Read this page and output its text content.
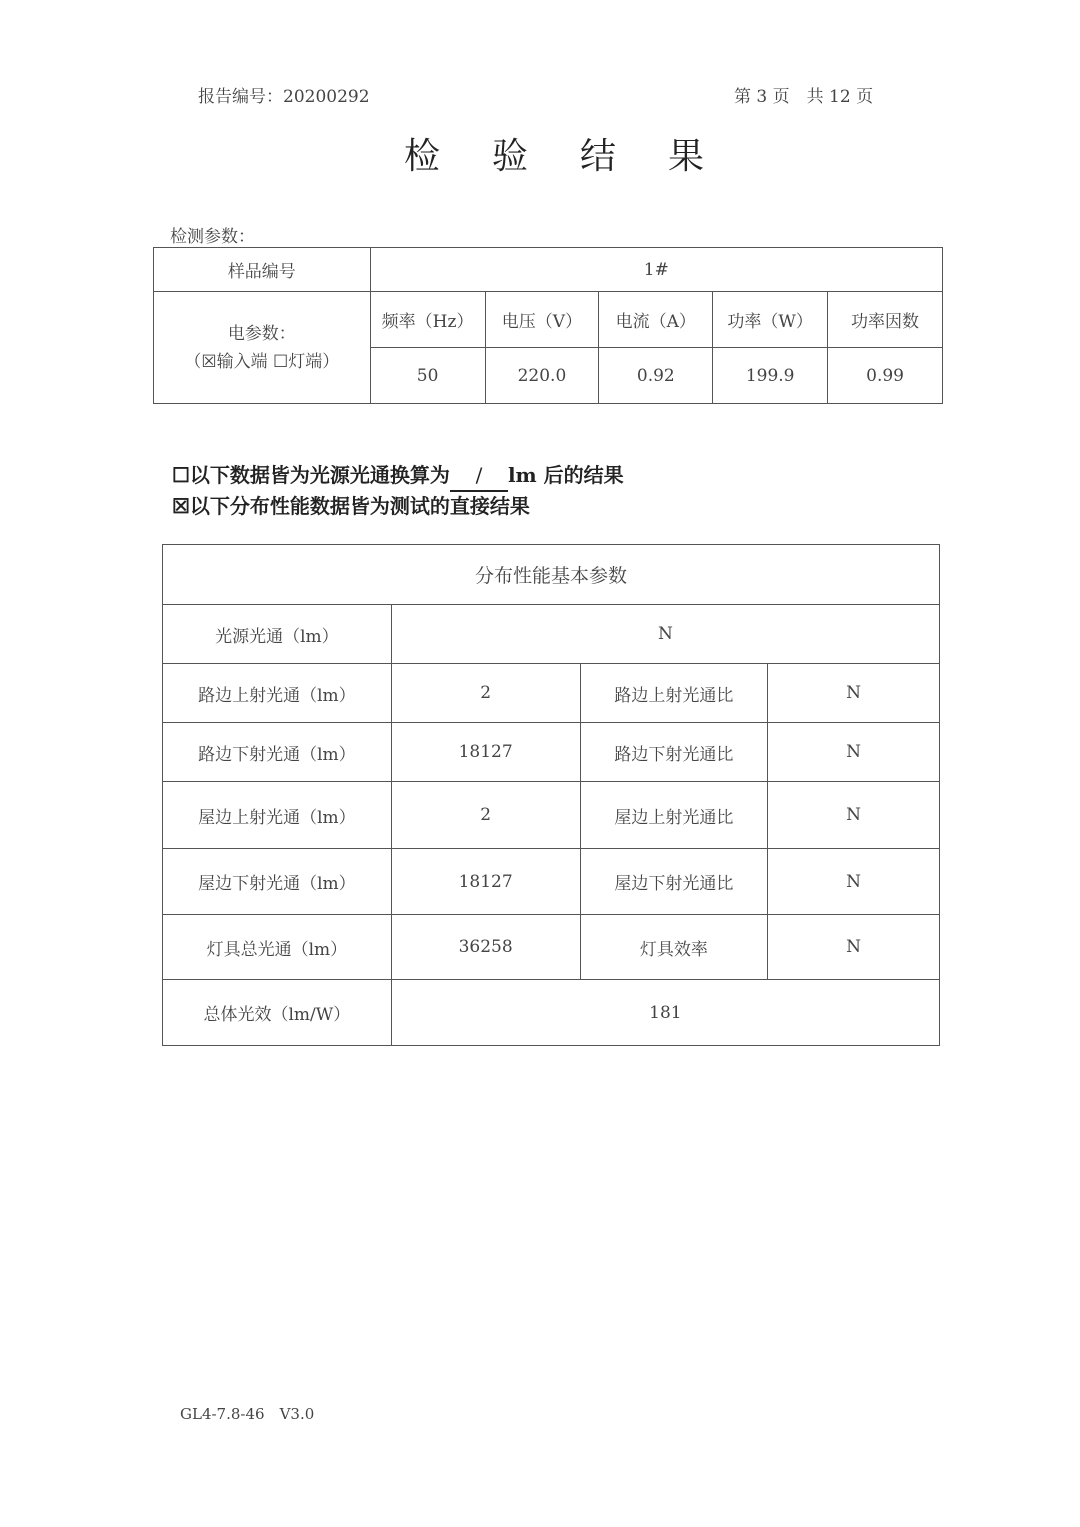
报告编号：20200292	第 3 页　共 12 页
检 验 结 果
检测参数：
样品编号	1#				

电参数：
（☒输入端 ☐灯端）	频率（Hz）	电压（V）	电流（A）	功率（W）	功率因数
	50	220.0	0.92	199.9	0.99
☐以下数据皆为光源光通换算为 / lm 后的结果
☒以下分布性能数据皆为测试的直接结果
分布性能基本参数			
光源光通（lm）	N		
路边上射光通（lm）	2	路边上射光通比	N
路边下射光通（lm）	18127	路边下射光通比	N
屋边上射光通（lm）	2	屋边上射光通比	N
屋边下射光通（lm）	18127	屋边下射光通比	N
灯具总光通（lm）	36258	灯具效率	N
总体光效（lm/W）	181		
GL4-7.8-46　V3.0
